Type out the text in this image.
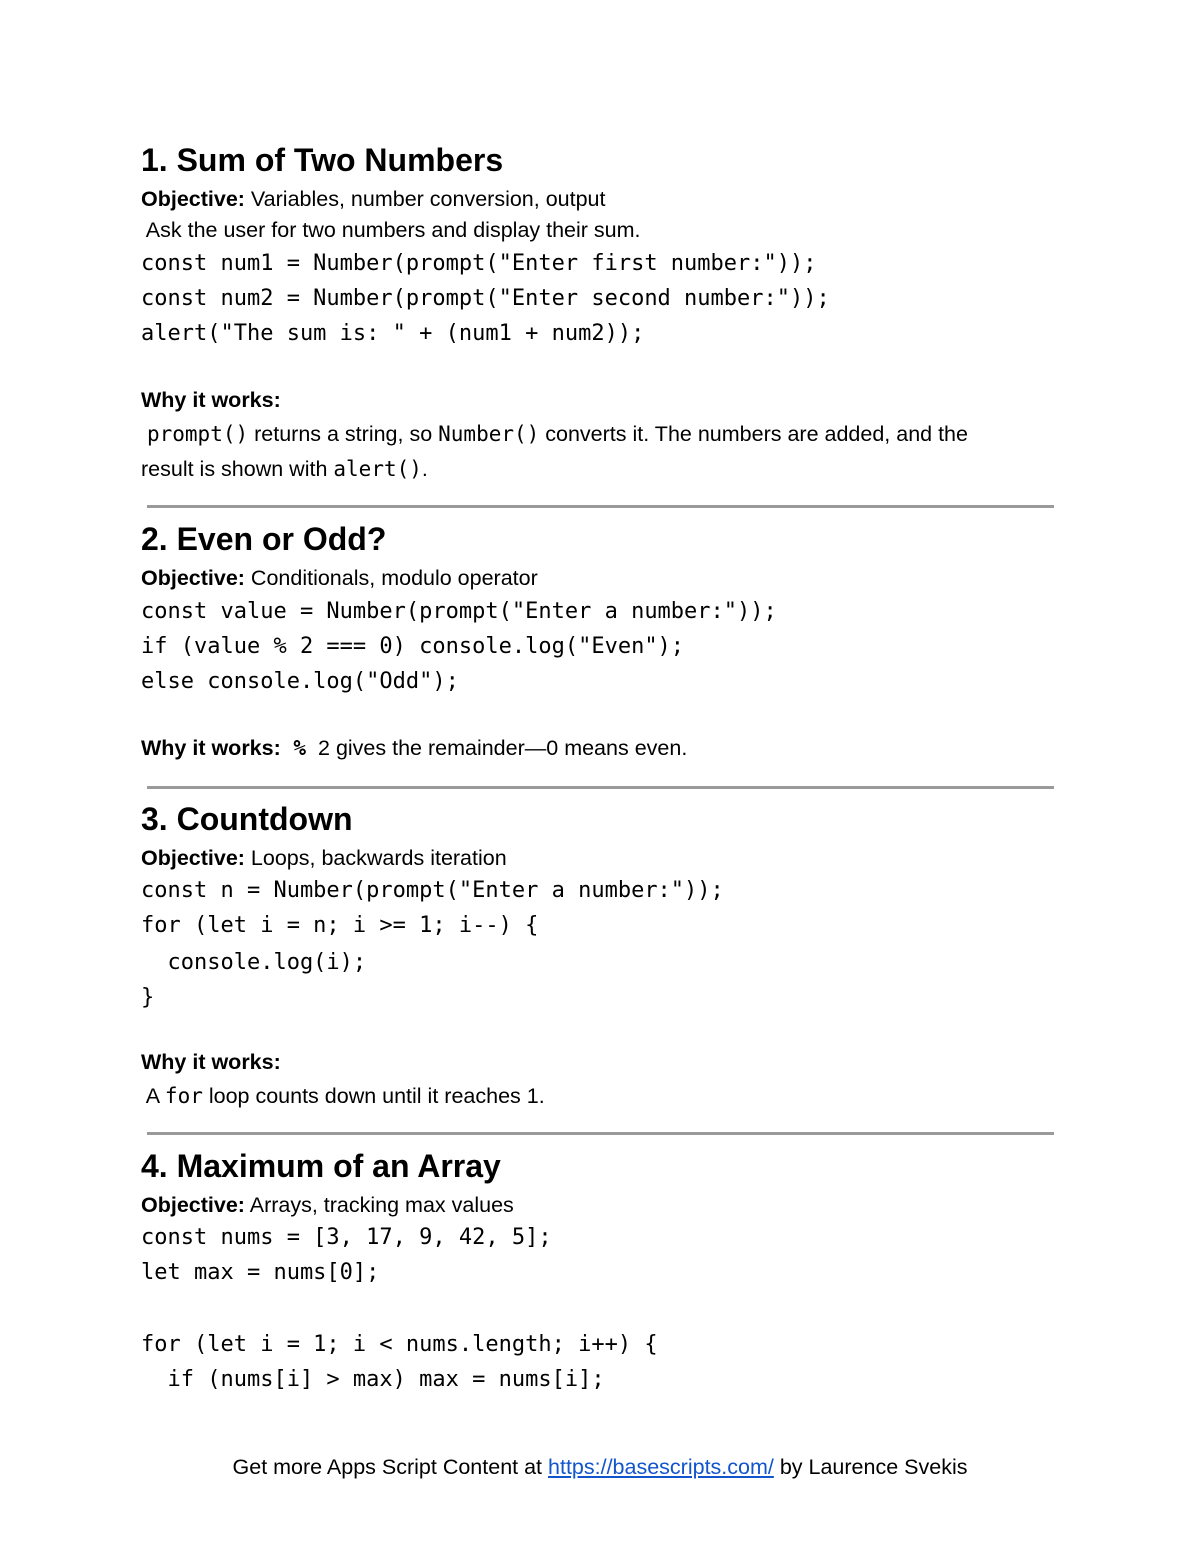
1. Sum of Two Numbers
Objective: Variables, number conversion, output
Ask the user for two numbers and display their sum.
const num1 = Number(prompt("Enter first number:"));
const num2 = Number(prompt("Enter second number:"));
alert("The sum is: " + (num1 + num2));
Why it works:
prompt() returns a string, so Number() converts it. The numbers are added, and the
result is shown with alert().
2. Even or Odd?
Objective: Conditionals, modulo operator
const value = Number(prompt("Enter a number:"));
if (value % 2 === 0) console.log("Even");
else console.log("Odd");
Why it works: %  2 gives the remainder—0 means even.
3. Countdown
Objective: Loops, backwards iteration
const n = Number(prompt("Enter a number:"));
for (let i = n; i >= 1; i--) {
console.log(i);
}
Why it works:
A for loop counts down until it reaches 1.
4. Maximum of an Array
Objective: Arrays, tracking max values
const nums = [3, 17, 9, 42, 5];
let max = nums[0];
for (let i = 1; i < nums.length; i++) {
if (nums[i] > max) max = nums[i];
Get more Apps Script Content at https://basescripts.com/ by Laurence Svekis
